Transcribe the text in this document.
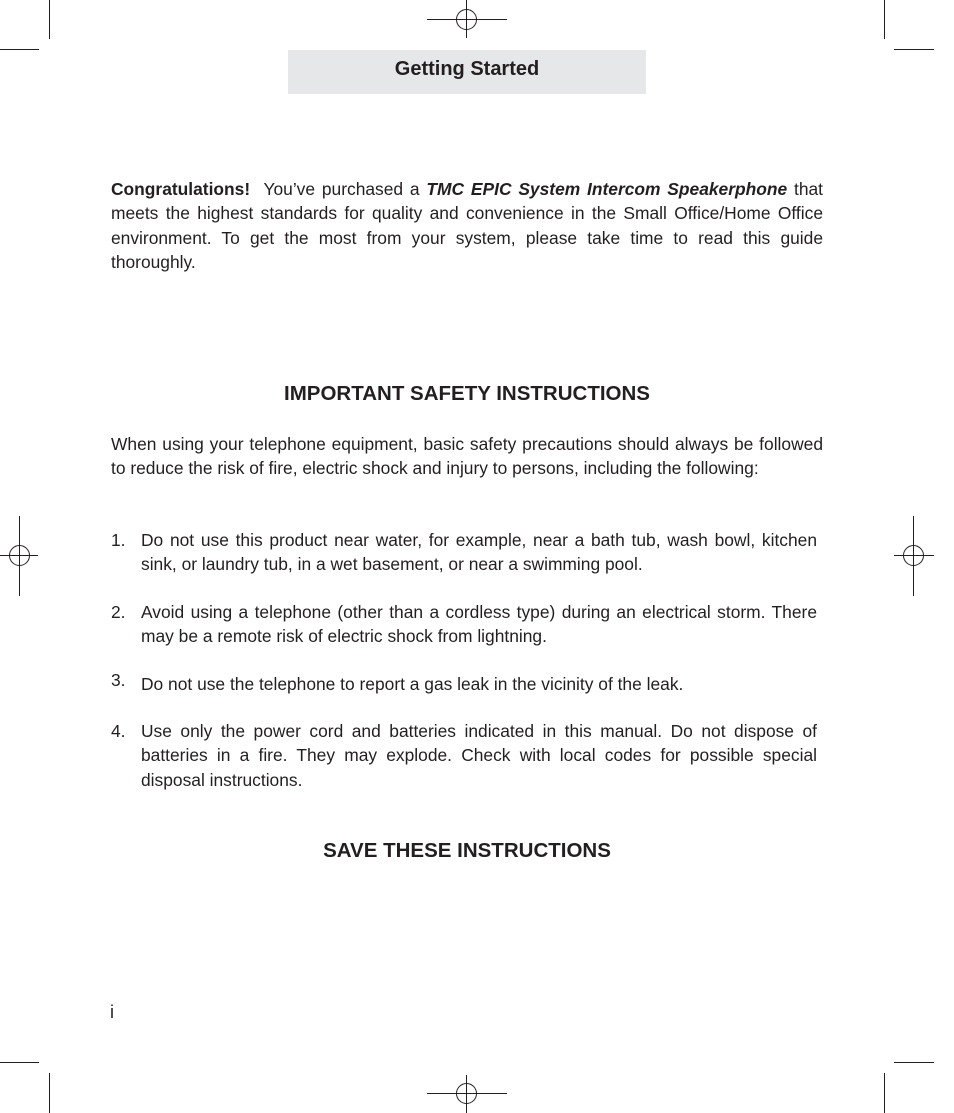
Getting Started
Congratulations!  You’ve purchased a TMC EPIC System Intercom Speakerphone that meets the highest standards for quality and convenience in the Small Office/Home Office environment. To get the most from your system, please take time to read this guide thoroughly.
IMPORTANT SAFETY INSTRUCTIONS
When using your telephone equipment, basic safety precautions should always be followed to reduce the risk of fire, electric shock and injury to persons, including the following:
1. Do not use this product near water, for example, near a bath tub, wash bowl, kitchen sink, or laundry tub, in a wet basement, or near a swimming pool.
2. Avoid using a telephone (other than a cordless type) during an electrical storm. There may be a remote risk of electric shock from lightning.
3. Do not use the telephone to report a gas leak in the vicinity of the leak.
4. Use only the power cord and batteries indicated in this manual. Do not dispose of batteries in a fire. They may explode. Check with local codes for possible special disposal instructions.
SAVE THESE INSTRUCTIONS
i
